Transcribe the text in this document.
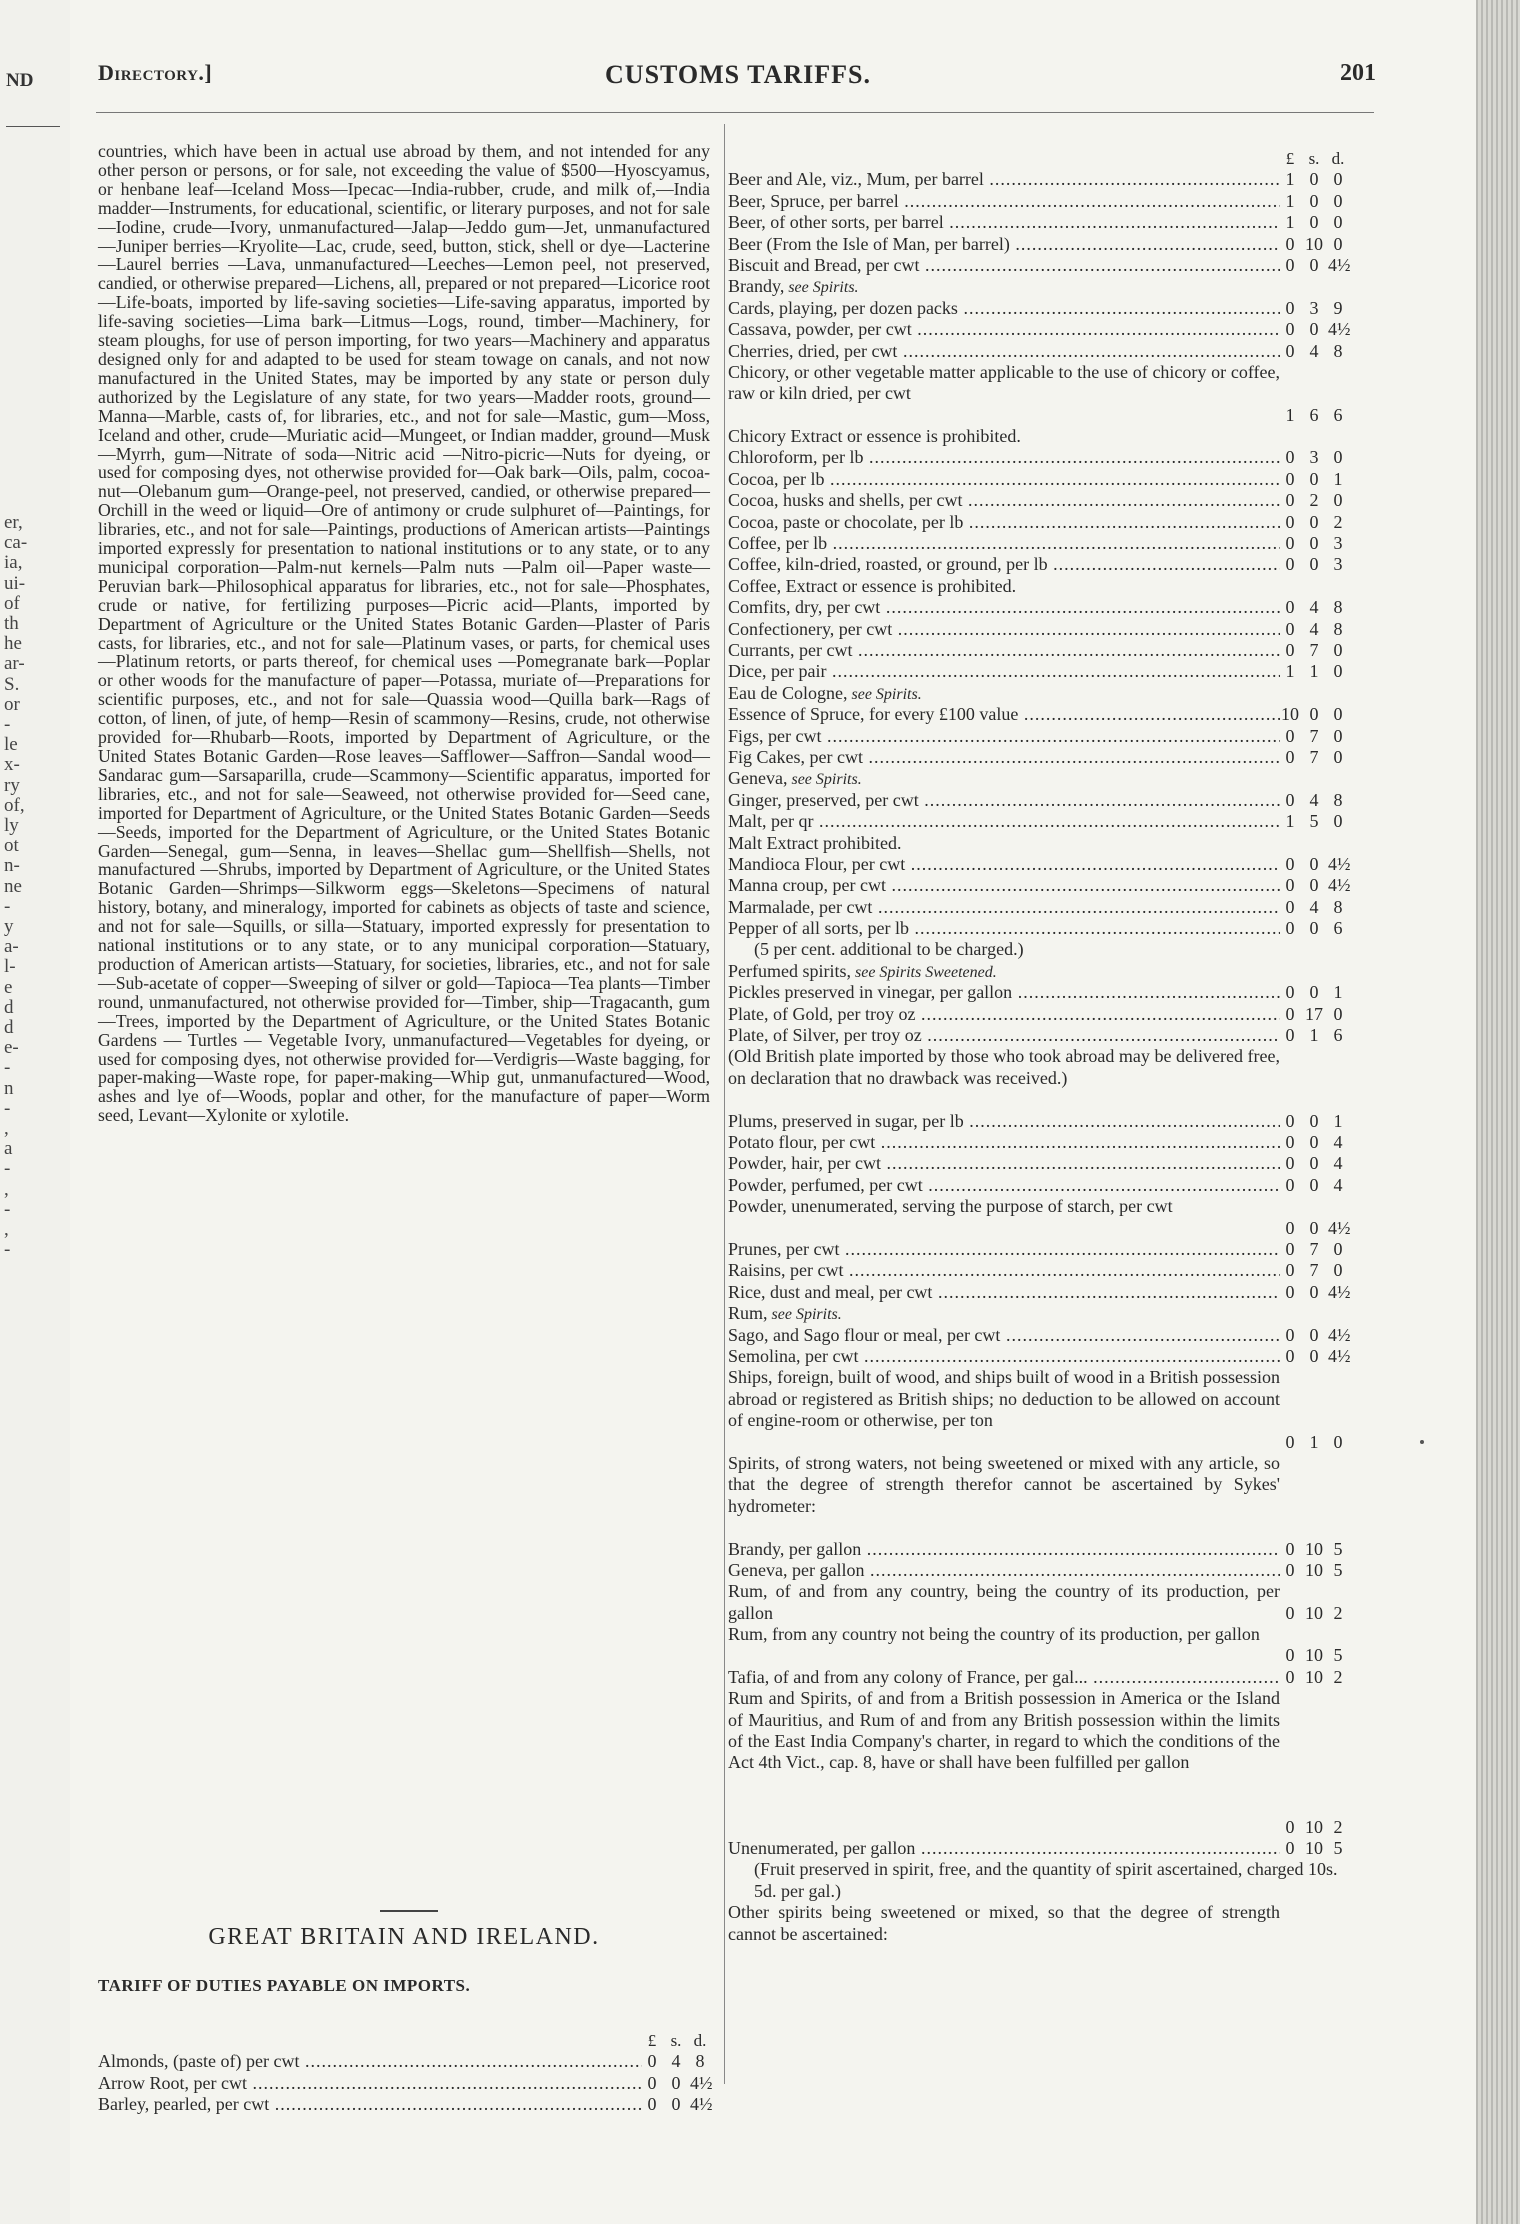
ND
er,
ca-
ia,
ui-
of
th
he
ar-
S.
or
-
le
x-
ry
of,
ly
ot
n-
ne
-
y
a-
l-
e
d
d
e-
-
n
-
,
a
-
,
-
,
-
Directory.]	CUSTOMS TARIFFS.	201

countries, which have been in actual use abroad by them, and not intended for any other person or persons, or for sale, not exceeding the value of $500—Hyoscyamus, or henbane leaf—Iceland Moss—Ipecac—India-rubber, crude, and milk of,—India madder—Instruments, for educational, scientific, or literary purposes, and not for sale—Iodine, crude—Ivory, unmanufactured—Jalap—Jeddo gum—Jet, unmanufactured—Juniper berries—Kryolite—Lac, crude, seed, button, stick, shell or dye—Lacterine—Laurel berries —Lava, unmanufactured—Leeches—Lemon peel, not preserved, candied, or otherwise prepared—Lichens, all, prepared or not prepared—Licorice root—Life-boats, imported by life-saving societies—Life-saving apparatus, imported by life-saving societies—Lima bark—Litmus—Logs, round, timber—Machinery, for steam ploughs, for use of person importing, for two years—Machinery and apparatus designed only for and adapted to be used for steam towage on canals, and not now manufactured in the United States, may be imported by any state or person duly authorized by the Legislature of any state, for two years—Madder roots, ground—Manna—Marble, casts of, for libraries, etc., and not for sale—Mastic, gum—Moss, Iceland and other, crude—Muriatic acid—Mungeet, or Indian madder, ground—Musk—Myrrh, gum—Nitrate of soda—Nitric acid —Nitro-picric—Nuts for dyeing, or used for composing dyes, not otherwise provided for—Oak bark—Oils, palm, cocoa-nut—Olebanum gum—Orange-peel, not preserved, candied, or otherwise prepared—Orchill in the weed or liquid—Ore of antimony or crude sulphuret of—Paintings, for libraries, etc., and not for sale—Paintings, productions of American artists—Paintings imported expressly for presentation to national institutions or to any state, or to any municipal corporation—Palm-nut kernels—Palm nuts —Palm oil—Paper waste—Peruvian bark—Philosophical apparatus for libraries, etc., not for sale—Phosphates, crude or native, for fertilizing purposes—Picric acid—Plants, imported by Department of Agriculture or the United States Botanic Garden—Plaster of Paris casts, for libraries, etc., and not for sale—Platinum vases, or parts, for chemical uses—Platinum retorts, or parts thereof, for chemical uses —Pomegranate bark—Poplar or other woods for the manufacture of paper—Potassa, muriate of—Preparations for scientific purposes, etc., and not for sale—Quassia wood—Quilla bark—Rags of cotton, of linen, of jute, of hemp—Resin of scammony—Resins, crude, not otherwise provided for—Rhubarb—Roots, imported by Department of Agriculture, or the United States Botanic Garden—Rose leaves—Safflower—Saffron—Sandal wood—Sandarac gum—Sarsaparilla, crude—Scammony—Scientific apparatus, imported for libraries, etc., and not for sale—Seaweed, not otherwise provided for—Seed cane, imported for Department of Agriculture, or the United States Botanic Garden—Seeds—Seeds, imported for the Department of Agriculture, or the United States Botanic Garden—Senegal, gum—Senna, in leaves—Shellac gum—Shellfish—Shells, not manufactured —Shrubs, imported by Department of Agriculture, or the United States Botanic Garden—Shrimps—Silkworm eggs—Skeletons—Specimens of natural history, botany, and mineralogy, imported for cabinets as objects of taste and science, and not for sale—Squills, or silla—Statuary, imported expressly for presentation to national institutions or to any state, or to any municipal corporation—Statuary, production of American artists—Statuary, for societies, libraries, etc., and not for sale—Sub-acetate of copper—Sweeping of silver or gold—Tapioca—Tea plants—Timber round, unmanufactured, not otherwise provided for—Timber, ship—Tragacanth, gum—Trees, imported by the Department of Agriculture, or the United States Botanic Gardens — Turtles — Vegetable Ivory, unmanufactured—Vegetables for dyeing, or used for composing dyes, not otherwise provided for—Verdigris—Waste bagging, for paper-making—Waste rope, for paper-making—Whip gut, unmanufactured—Wood, ashes and lye of—Woods, poplar and other, for the manufacture of paper—Worm seed, Levant—Xylonite or xylotile.

GREAT BRITAIN AND IRELAND.
TARIFF OF DUTIES PAYABLE ON IMPORTS.
£ s. d.
Almonds, (paste of) per cwt .....	0 4 8
Arrow Root, per cwt .....	0 0 4½
Barley, pearled, per cwt .....	0 0 4½
£ s. d.
Beer and Ale, viz., Mum, per barrel .....	1 0 0
Beer, Spruce, per barrel .....	1 0 0
Beer, of other sorts, per barrel .....	1 0 0
Beer (From the Isle of Man, per barrel) .....	0 10 0
Biscuit and Bread, per cwt .....	0 0 4½
Brandy, see Spirits.
Cards, playing, per dozen packs .....	0 3 9
Cassava, powder, per cwt .....	0 0 4½
Cherries, dried, per cwt .....	0 4 8
Chicory, or other vegetable matter applicable to the use of chicory or coffee, raw or kiln dried, per cwt
1 6 6
Chicory Extract or essence is prohibited.
Chloroform, per lb .....	0 3 0
Cocoa, per lb .....	0 0 1
Cocoa, husks and shells, per cwt .....	0 2 0
Cocoa, paste or chocolate, per lb .....	0 0 2
Coffee, per lb .....	0 0 3
Coffee, kiln-dried, roasted, or ground, per lb .....	0 0 3
Coffee, Extract or essence is prohibited.
Comfits, dry, per cwt .....	0 4 8
Confectionery, per cwt .....	0 4 8
Currants, per cwt .....	0 7 0
Dice, per pair .....	1 1 0
Eau de Cologne, see Spirits.
Essence of Spruce, for every £100 value .....	10 0 0
Figs, per cwt .....	0 7 0
Fig Cakes, per cwt .....	0 7 0
Geneva, see Spirits.
Ginger, preserved, per cwt .....	0 4 8
Malt, per qr .....	1 5 0
Malt Extract prohibited.
Mandioca Flour, per cwt .....	0 0 4½
Manna croup, per cwt .....	0 0 4½
Marmalade, per cwt .....	0 4 8
Pepper of all sorts, per lb .....	0 0 6
(5 per cent. additional to be charged.)
Perfumed spirits, see Spirits Sweetened.
Pickles preserved in vinegar, per gallon .....	0 0 1
Plate, of Gold, per troy oz .....	0 17 0
Plate, of Silver, per troy oz .....	0 1 6
(Old British plate imported by those who took abroad may be delivered free, on declaration that no drawback was received.)
Plums, preserved in sugar, per lb .....	0 0 1
Potato flour, per cwt .....	0 0 4
Powder, hair, per cwt .....	0 0 4
Powder, perfumed, per cwt .....	0 0 4
Powder, unenumerated, serving the purpose of starch, per cwt
0 0 4½
Prunes, per cwt .....	0 7 0
Raisins, per cwt .....	0 7 0
Rice, dust and meal, per cwt .....	0 0 4½
Rum, see Spirits.
Sago, and Sago flour or meal, per cwt .....	0 0 4½
Semolina, per cwt .....	0 0 4½
Ships, foreign, built of wood, and ships built of wood in a British possession abroad or registered as British ships; no deduction to be allowed on account of engine-room or otherwise, per ton
0 1 0
Spirits, of strong waters, not being sweetened or mixed with any article, so that the degree of strength therefor cannot be ascertained by Sykes' hydrometer:
Brandy, per gallon .....	0 10 5
Geneva, per gallon .....	0 10 5
Rum, of and from any country, being the country of its production, per gallon	0 10 2
Rum, from any country not being the country of its production, per gallon
0 10 5
Tafia, of and from any colony of France, per gal... .....	0 10 2
Rum and Spirits, of and from a British possession in America or the Island of Mauritius, and Rum of and from any British possession within the limits of the East India Company's charter, in regard to which the conditions of the Act 4th Vict., cap. 8, have or shall have been fulfilled per gallon
0 10 2
Unenumerated, per gallon .....	0 10 5
(Fruit preserved in spirit, free, and the quantity of spirit ascertained, charged 10s. 5d. per gal.)
Other spirits being sweetened or mixed, so that the degree of strength cannot be ascertained:
